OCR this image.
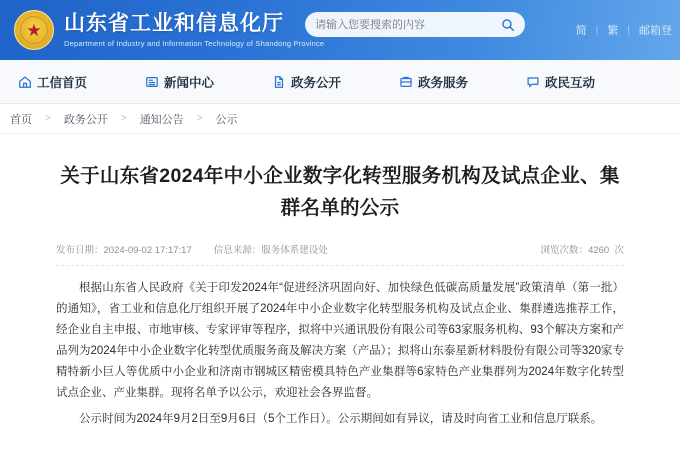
★	山东省工业和信息化厅
Department of Industry and Information Technology of Shandong Province
请输入您要搜索的内容
简 | 繁 | 邮箱登
工信首页	新闻中心	政务公开	政务服务	政民互动
首页 > 政务公开 > 通知公告 > 公示
关于山东省2024年中小企业数字化转型服务机构及试点企业、集群名单的公示
发布日期：2024-09-02 17:17:17 信息来源：服务体系建设处	浏览次数：4260 次

根据山东省人民政府《关于印发2024年“促进经济巩固向好、加快绿色低碳高质量发展”政策清单（第一批）的通知》，省工业和信息化厅组织开展了2024年中小企业数字化转型服务机构及试点企业、集群遴选推荐工作，经企业自主申报、市地审核、专家评审等程序，拟将中兴通讯股份有限公司等63家服务机构、93个解决方案和产品列为2024年中小企业数字化转型优质服务商及解决方案（产品）；拟将山东泰星新材料股份有限公司等320家专精特新小巨人等优质中小企业和济南市钢城区精密模具特色产业集群等6家特色产业集群列为2024年数字化转型试点企业、产业集群。现将名单予以公示，欢迎社会各界监督。

公示时间为2024年9月2日至9月6日（5个工作日）。公示期间如有异议，请及时向省工业和信息厅联系。
